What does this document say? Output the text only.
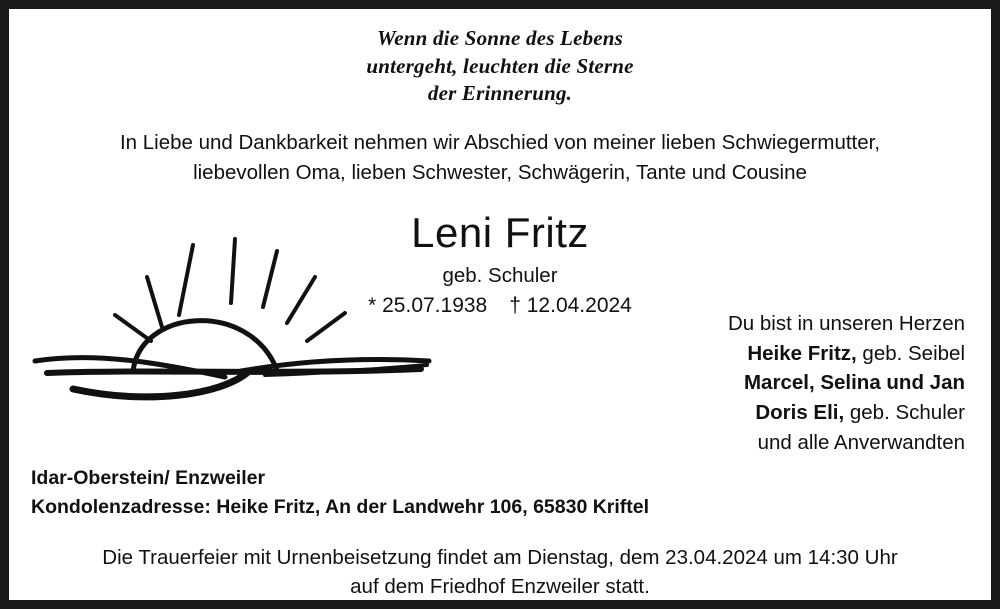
Wenn die Sonne des Lebens
untergeht, leuchten die Sterne
der Erinnerung.
In Liebe und Dankbarkeit nehmen wir Abschied von meiner lieben Schwiegermutter,
liebevollen Oma, lieben Schwester, Schwägerin, Tante und Cousine
Leni Fritz
geb. Schuler
* 25.07.1938 † 12.04.2024
Du bist in unseren Herzen
Heike Fritz, geb. Seibel
Marcel, Selina und Jan
Doris Eli, geb. Schuler
und alle Anverwandten
Idar-Oberstein/ Enzweiler
Kondolenzadresse: Heike Fritz, An der Landwehr 106, 65830 Kriftel
Die Trauerfeier mit Urnenbeisetzung findet am Dienstag, dem 23.04.2024 um 14:30 Uhr
auf dem Friedhof Enzweiler statt.
